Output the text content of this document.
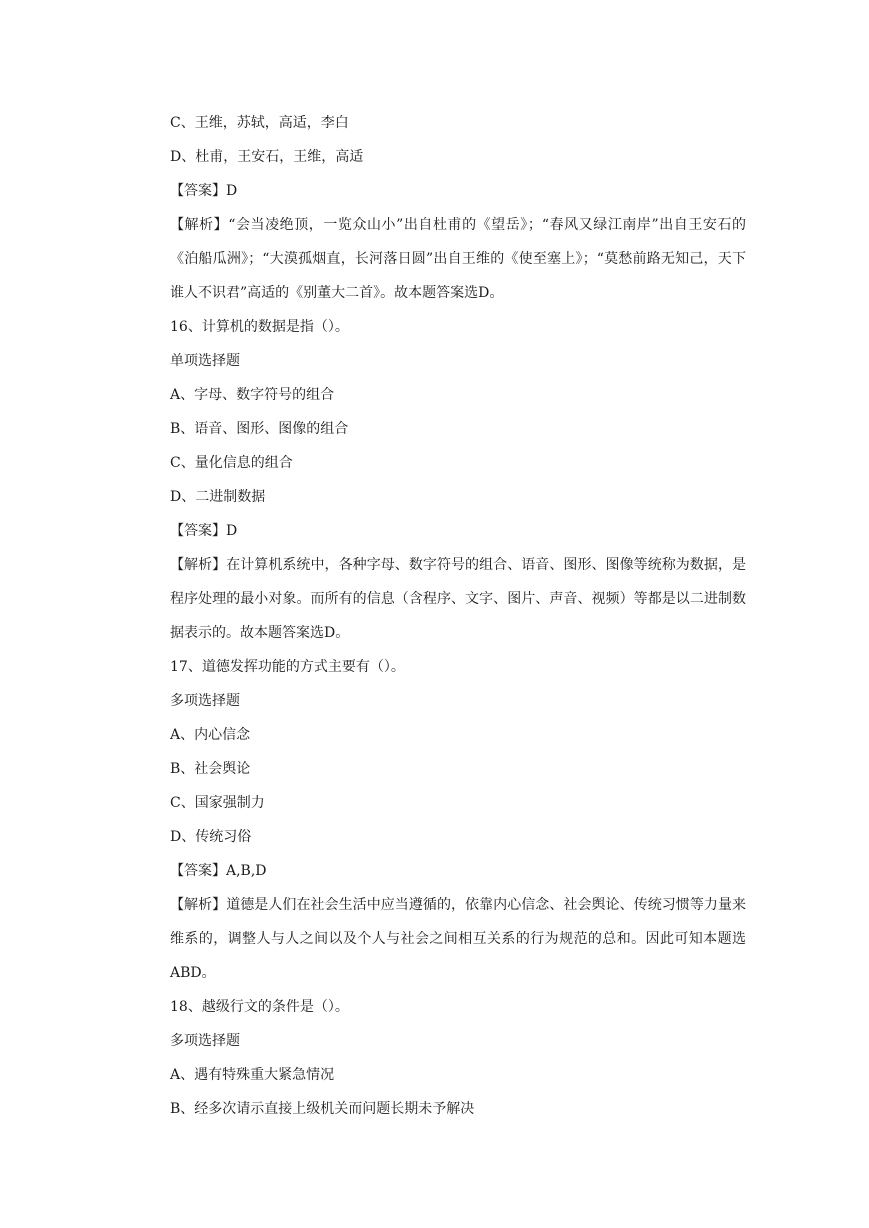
C、王维，苏轼，高适，李白
D、杜甫，王安石，王维，高适
【答案】D
【解析】“会当凌绝顶，一览众山小”出自杜甫的《望岳》；“春风又绿江南岸”出自王安石的《泊船瓜洲》；“大漠孤烟直，长河落日圆”出自王维的《使至塞上》；“莫愁前路无知己，天下谁人不识君”高适的《别董大二首》。故本题答案选D。
16、计算机的数据是指（）。
单项选择题
A、字母、数字符号的组合
B、语音、图形、图像的组合
C、量化信息的组合
D、二进制数据
【答案】D
【解析】在计算机系统中，各种字母、数字符号的组合、语音、图形、图像等统称为数据，是程序处理的最小对象。而所有的信息（含程序、文字、图片、声音、视频）等都是以二进制数据表示的。故本题答案选D。
17、道德发挥功能的方式主要有（）。
多项选择题
A、内心信念
B、社会舆论
C、国家强制力
D、传统习俗
【答案】A,B,D
【解析】道德是人们在社会生活中应当遵循的，依靠内心信念、社会舆论、传统习惯等力量来维系的，调整人与人之间以及个人与社会之间相互关系的行为规范的总和。因此可知本题选ABD。
18、越级行文的条件是（）。
多项选择题
A、遇有特殊重大紧急情况
B、经多次请示直接上级机关而问题长期未予解决
